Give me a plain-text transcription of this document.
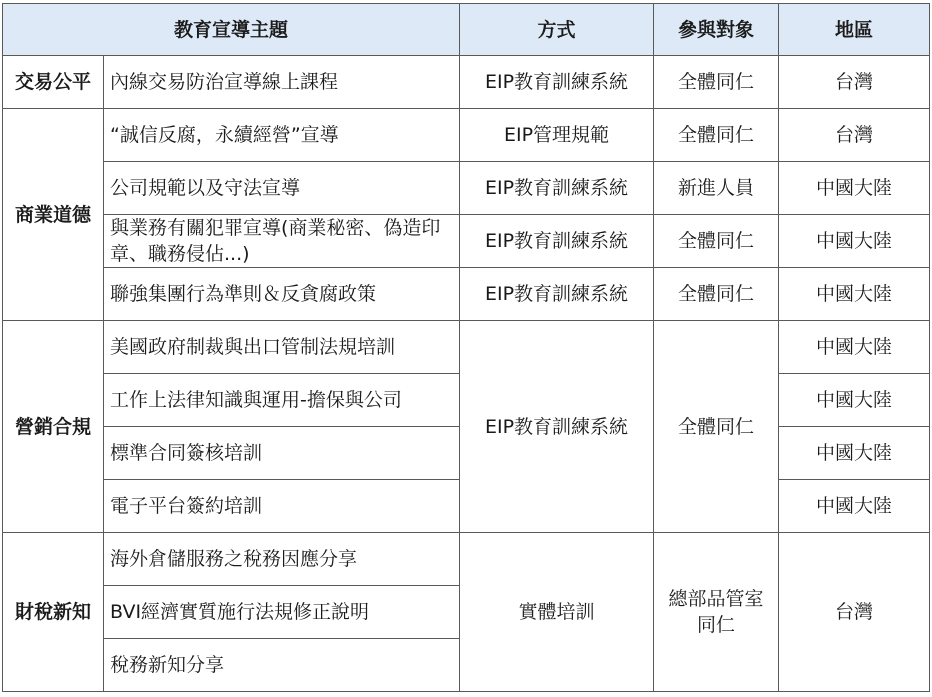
教育宣導主題		方式	參與對象	地區
交易公平	內線交易防治宣導線上課程	EIP教育訓練系統	全體同仁	台灣
商業道德	“誠信反腐，永續經營”宣導	EIP管理規範	全體同仁	台灣
	公司規範以及守法宣導	EIP教育訓練系統	新進人員	中國大陸
	與業務有關犯罪宣導(商業秘密、偽造印章、職務侵佔...)	EIP教育訓練系統	全體同仁	中國大陸
	聯強集團行為準則＆反貪腐政策	EIP教育訓練系統	全體同仁	中國大陸
營銷合規	美國政府制裁與出口管制法規培訓	EIP教育訓練系統	全體同仁	中國大陸
	工作上法律知識與運用-擔保與公司			中國大陸
	標準合同簽核培訓			中國大陸
	電子平台簽約培訓			中國大陸
財稅新知	海外倉儲服務之稅務因應分享	實體培訓	總部品管室同仁	台灣
	BVI經濟實質施行法規修正說明			
	稅務新知分享			
